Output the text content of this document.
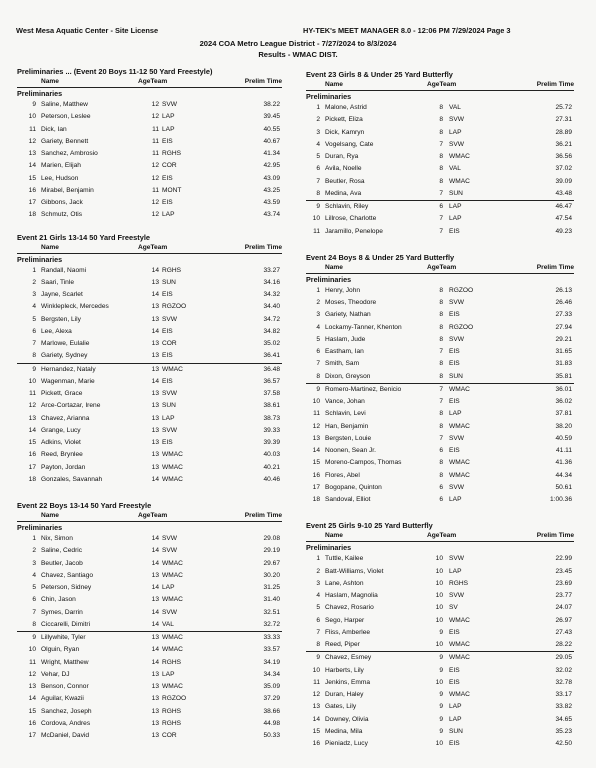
West Mesa Aquatic Center - Site License	HY-TEK's MEET MANAGER 8.0 - 12:06 PM 7/29/2024 Page 3
2024 COA Metro League District - 7/27/2024 to 8/3/2024
Results - WMAC DIST.
Preliminaries ... (Event 20 Boys 11-12 50 Yard Freestyle)
Name	AgeTeam	Prelim Time
Preliminaries
9 Saline, Matthew	12 SVW	38.22
10 Peterson, Leslee	12 LAP	39.45
11 Dick, Ian	11 LAP	40.55
12 Gariety, Bennett	11 EIS	40.67
13 Sanchez, Ambrosio	11 RGHS	41.34
14 Marien, Elijah	12 COR	42.95
15 Lee, Hudson	12 EIS	43.09
16 Mirabel, Benjamin	11 MONT	43.25
17 Gibbons, Jack	12 EIS	43.59
18 Schmutz, Otis	12 LAP	43.74
Event 21 Girls 13-14 50 Yard Freestyle
Name	AgeTeam	Prelim Time
Preliminaries
1 Randall, Naomi	14 RGHS	33.27
2 Saari, Tinle	13 SUN	34.16
3 Jayne, Scarlet	14 EIS	34.32
4 Winklepleck, Mercedes	13 RGZOO	34.40
5 Bergsten, Lily	13 SVW	34.72
6 Lee, Alexa	14 EIS	34.82
7 Marlowe, Eulalie	13 COR	35.02
8 Gariety, Sydney	13 EIS	36.41
9 Hernandez, Nataly	13 WMAC	36.48
10 Wagenman, Marie	14 EIS	36.57
11 Pickett, Grace	13 SVW	37.58
12 Arce-Cortazar, Irene	13 SUN	38.61
13 Chavez, Arianna	13 LAP	38.73
14 Grange, Lucy	13 SVW	39.33
15 Adkins, Violet	13 EIS	39.39
16 Reed, Brynlee	13 WMAC	40.03
17 Payton, Jordan	13 WMAC	40.21
18 Gonzales, Savannah	14 WMAC	40.46
Event 22 Boys 13-14 50 Yard Freestyle
Name	AgeTeam	Prelim Time
Preliminaries
1 Nix, Simon	14 SVW	29.08
2 Saline, Cedric	14 SVW	29.19
3 Beutler, Jacob	14 WMAC	29.67
4 Chavez, Santiago	13 WMAC	30.20
5 Peterson, Sidney	14 LAP	31.25
6 Chin, Jason	13 WMAC	31.40
7 Symes, Darrin	14 SVW	32.51
8 Ciccarelli, Dimitri	14 VAL	32.72
9 Lillywhite, Tyler	13 WMAC	33.33
10 Olguin, Ryan	14 WMAC	33.57
11 Wright, Matthew	14 RGHS	34.19
12 Vehar, DJ	13 LAP	34.34
13 Benson, Connor	13 WMAC	35.09
14 Aguilar, Kwazii	13 RGZOO	37.29
15 Sanchez, Joseph	13 RGHS	38.66
16 Cordova, Andres	13 RGHS	44.98
17 McDaniel, David	13 COR	50.33
Event 23 Girls 8 & Under 25 Yard Butterfly
Name	AgeTeam	Prelim Time
Preliminaries
1 Malone, Astrid	8 VAL	25.72
2 Pickett, Eliza	8 SVW	27.31
3 Dick, Kamryn	8 LAP	28.89
4 Vogelsang, Cate	7 SVW	36.21
5 Duran, Rya	8 WMAC	36.56
6 Avila, Noelle	8 VAL	37.02
7 Beutler, Rosa	8 WMAC	39.09
8 Medina, Ava	7 SUN	43.48
9 Schlavin, Riley	6 LAP	46.47
10 Lillrose, Charlotte	7 LAP	47.54
11 Jaramillo, Penelope	7 EIS	49.23
Event 24 Boys 8 & Under 25 Yard Butterfly
Name	AgeTeam	Prelim Time
Preliminaries
1 Henry, John	8 RGZOO	26.13
2 Moses, Theodore	8 SVW	26.46
3 Gariety, Nathan	8 EIS	27.33
4 Lockamy-Tanner, Khenton	8 RGZOO	27.94
5 Haslam, Jude	8 SVW	29.21
6 Eastham, Ian	7 EIS	31.65
7 Smith, Sam	8 EIS	31.83
8 Dixon, Greyson	8 SUN	35.81
9 Romero-Martinez, Benicio	7 WMAC	36.01
10 Vance, Johan	7 EIS	36.02
11 Schlavin, Levi	8 LAP	37.81
12 Han, Benjamin	8 WMAC	38.20
13 Bergsten, Louie	7 SVW	40.59
14 Noonen, Sean Jr.	6 EIS	41.11
15 Moreno-Campos, Thomas	8 WMAC	41.36
16 Flores, Abel	8 WMAC	44.34
17 Bogopane, Quinton	6 SVW	50.61
18 Sandoval, Elliot	6 LAP	1:00.36
Event 25 Girls 9-10 25 Yard Butterfly
Name	AgeTeam	Prelim Time
Preliminaries
1 Tuttle, Kailee	10 SVW	22.99
2 Batt-Williams, Violet	10 LAP	23.45
3 Lane, Ashton	10 RGHS	23.69
4 Haslam, Magnolia	10 SVW	23.77
5 Chavez, Rosario	10 SV	24.07
6 Sego, Harper	10 WMAC	26.97
7 Fliss, Amberlee	9 EIS	27.43
8 Reed, Piper	10 WMAC	28.22
9 Chavez, Esmey	9 WMAC	29.05
10 Harberts, Lily	9 EIS	32.02
11 Jenkins, Emma	10 EIS	32.78
12 Duran, Haley	9 WMAC	33.17
13 Gates, Lily	9 LAP	33.82
14 Downey, Olivia	9 LAP	34.65
15 Medina, Mila	9 SUN	35.23
16 Pieniadz, Lucy	10 EIS	42.50
